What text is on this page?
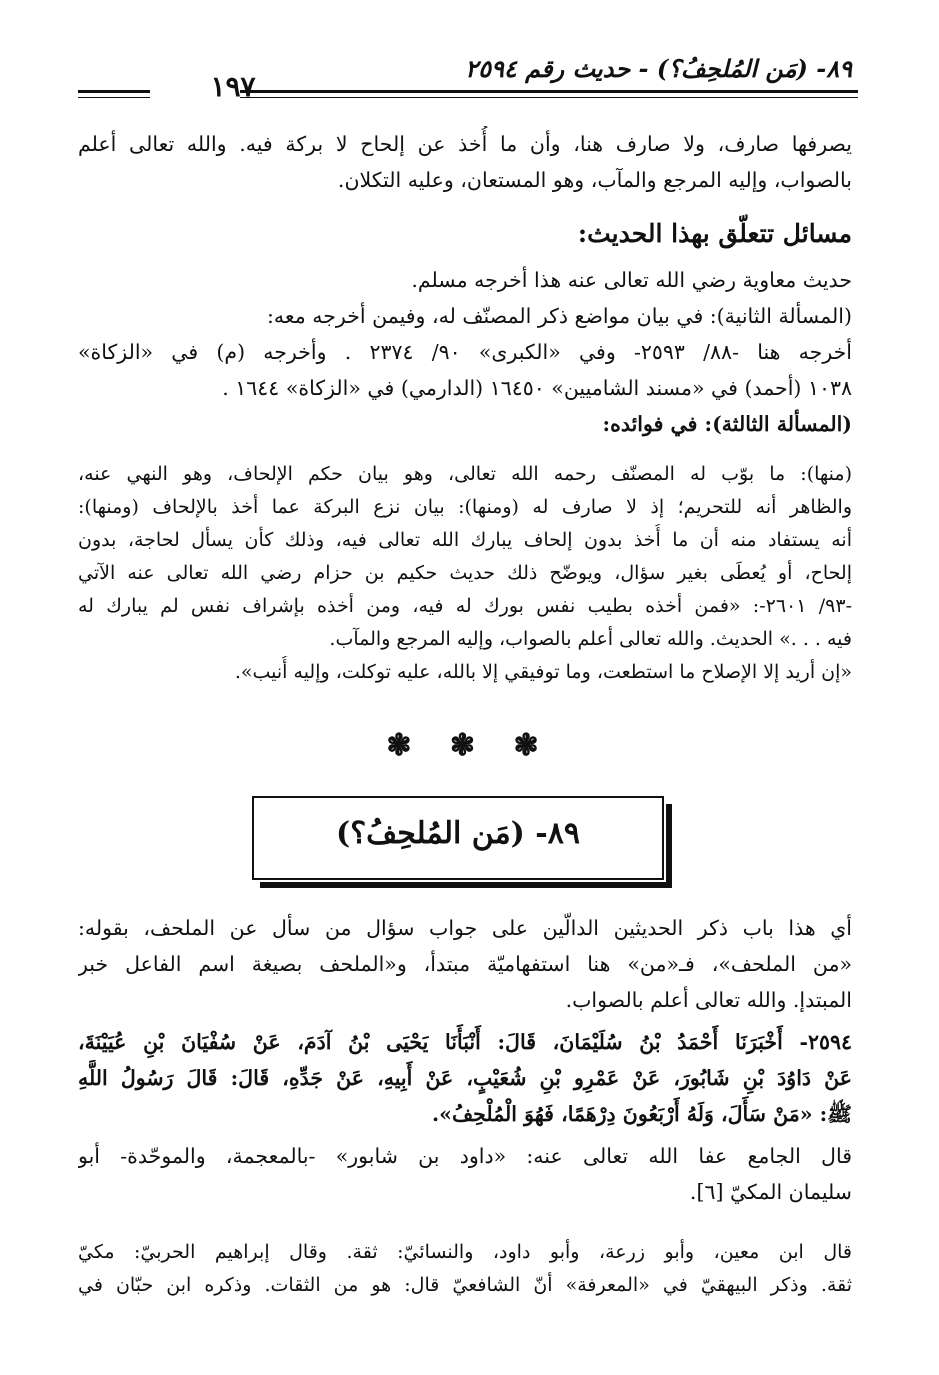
٨٩- (مَن المُلحِفُ؟) - حديث رقم ٢٥٩٤
١٩٧
يصرفها صارف، ولا صارف هنا، وأن ما أُخذ عن إلحاح لا بركة فيه. والله تعالى أعلم
بالصواب، وإليه المرجع والمآب، وهو المستعان، وعليه التكلان.
مسائل تتعلّق بهذا الحديث:
حديث معاوية رضي الله تعالى عنه هذا أخرجه مسلم.
(المسألة الثانية): في بيان مواضع ذكر المصنّف له، وفيمن أخرجه معه:
أخرجه هنا -٨٨/ ٢٥٩٣- وفي «الكبرى» ٩٠/ ٢٣٧٤ . وأخرجه (م) في «الزكاة»
١٠٣٨ (أحمد) في «مسند الشاميين» ١٦٤٥٠ (الدارمي) في «الزكاة» ١٦٤٤ .
(المسألة الثالثة): في فوائده:
(منها): ما بوّب له المصنّف رحمه الله تعالى، وهو بيان حكم الإلحاف، وهو النهي عنه،
والظاهر أنه للتحريم؛ إذ لا صارف له (ومنها): بيان نزع البركة عما أخذ بالإلحاف (ومنها):
أنه يستفاد منه أن ما أُخذ بدون إلحاف يبارك الله تعالى فيه، وذلك كأن يسأل لحاجة، بدون
إلحاح، أو يُعطَى بغير سؤال، ويوضّح ذلك حديث حكيم بن حزام رضي الله تعالى عنه الآتي
-٩٣/ ٢٦٠١-: «فمن أخذه بطيب نفس بورك له فيه، ومن أخذه بإشراف نفس لم يبارك له
فيه . . .» الحديث. والله تعالى أعلم بالصواب، وإليه المرجع والمآب.
«إن أريد إلا الإصلاح ما استطعت، وما توفيقي إلا بالله، عليه توكلت، وإليه أُنيب».
❃ ❃ ❃
٨٩- (مَن المُلحِفُ؟)
أي هذا باب ذكر الحديثين الدالّين على جواب سؤال من سأل عن الملحف، بقوله:
«من الملحف»، فـ«من» هنا استفهاميّة مبتدأ، و«الملحف بصيغة اسم الفاعل خبر
المبتدإ. والله تعالى أعلم بالصواب.
٢٥٩٤- أَخْبَرَنَا أَحْمَدُ بْنُ سُلَيْمَانَ، قَالَ: أَنْبَأَنَا يَحْيَى بْنُ آدَمَ، عَنْ سُفْيَانَ بْنِ عُيَيْنَةَ،
عَنْ دَاوُدَ بْنِ شَابُورَ، عَنْ عَمْرِو بْنِ شُعَيْبٍ، عَنْ أَبِيهِ، عَنْ جَدِّهِ، قَالَ: قَالَ رَسُولُ اللَّهِ
ﷺ: «مَنْ سَأَلَ، وَلَهُ أَرْبَعُونَ دِرْهَمًا، فَهُوَ الْمُلْحِفُ».
قال الجامع عفا الله تعالى عنه: «داود بن شابور» -بالمعجمة، والموحّدة- أبو
سليمان المكيّ [٦].
قال ابن معين، وأبو زرعة، وأبو داود، والنسائيّ: ثقة. وقال إبراهيم الحربيّ: مكيّ
ثقة. وذكر البيهقيّ في «المعرفة» أنّ الشافعيّ قال: هو من الثقات. وذكره ابن حبّان في
